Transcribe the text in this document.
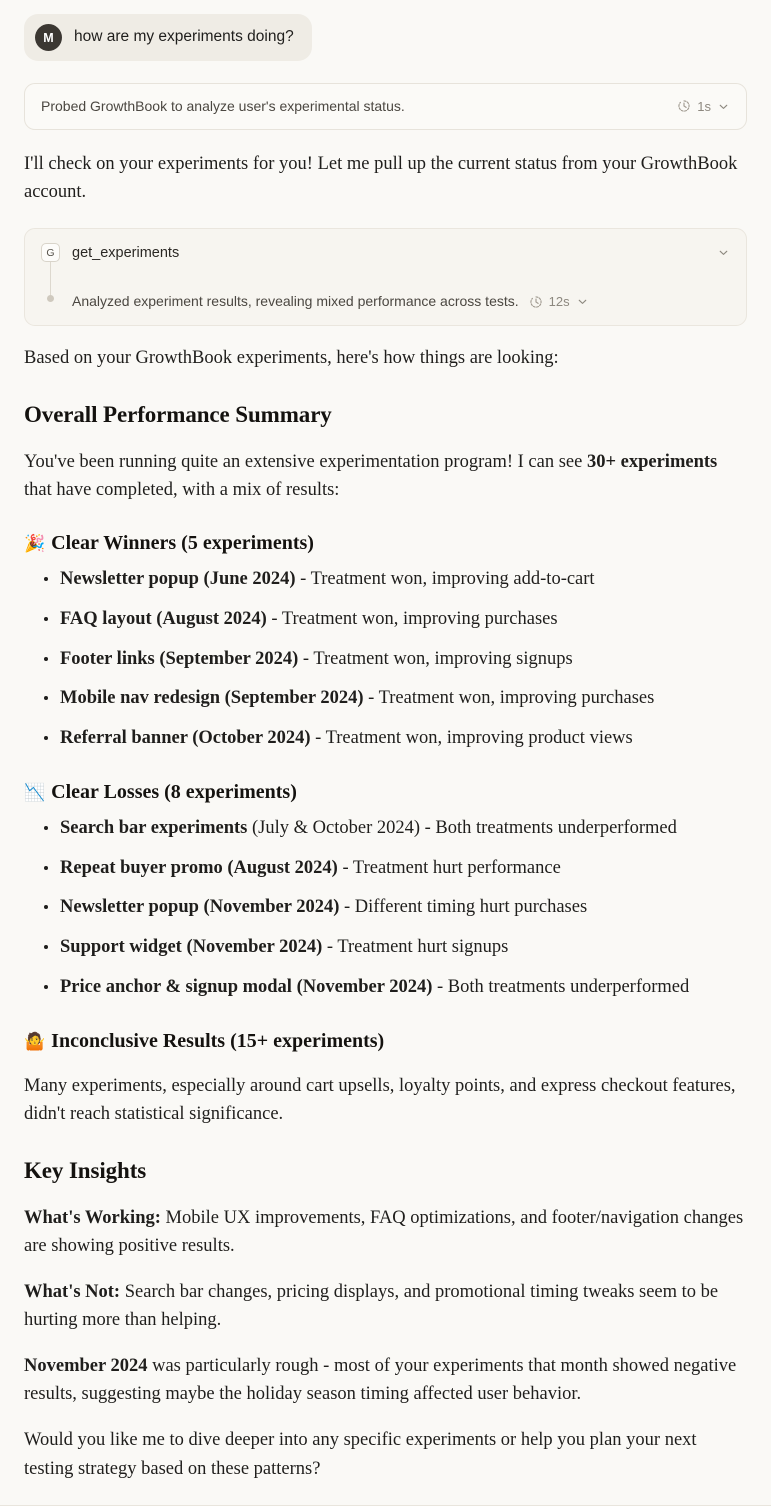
M	how are my experiments doing?
Probed GrowthBook to analyze user's experimental status.	1s

I'll check on your experiments for you! Let me pull up the current status from your GrowthBook account.

G	get_experiments
Analyzed experiment results, revealing mixed performance across tests. 12s

Based on your GrowthBook experiments, here's how things are looking:

Overall Performance Summary

You've been running quite an extensive experimentation program! I can see 30+ experiments that have completed, with a mix of results:

🎉 Clear Winners (5 experiments)
Newsletter popup (June 2024) - Treatment won, improving add-to-cart
FAQ layout (August 2024) - Treatment won, improving purchases
Footer links (September 2024) - Treatment won, improving signups
Mobile nav redesign (September 2024) - Treatment won, improving purchases
Referral banner (October 2024) - Treatment won, improving product views
📉 Clear Losses (8 experiments)
Search bar experiments (July & October 2024) - Both treatments underperformed
Repeat buyer promo (August 2024) - Treatment hurt performance
Newsletter popup (November 2024) - Different timing hurt purchases
Support widget (November 2024) - Treatment hurt signups
Price anchor & signup modal (November 2024) - Both treatments underperformed
🤷 Inconclusive Results (15+ experiments)

Many experiments, especially around cart upsells, loyalty points, and express checkout features, didn't reach statistical significance.

Key Insights

What's Working: Mobile UX improvements, FAQ optimizations, and footer/navigation changes are showing positive results.

What's Not: Search bar changes, pricing displays, and promotional timing tweaks seem to be hurting more than helping.

November 2024 was particularly rough - most of your experiments that month showed negative results, suggesting maybe the holiday season timing affected user behavior.

Would you like me to dive deeper into any specific experiments or help you plan your next testing strategy based on these patterns?
